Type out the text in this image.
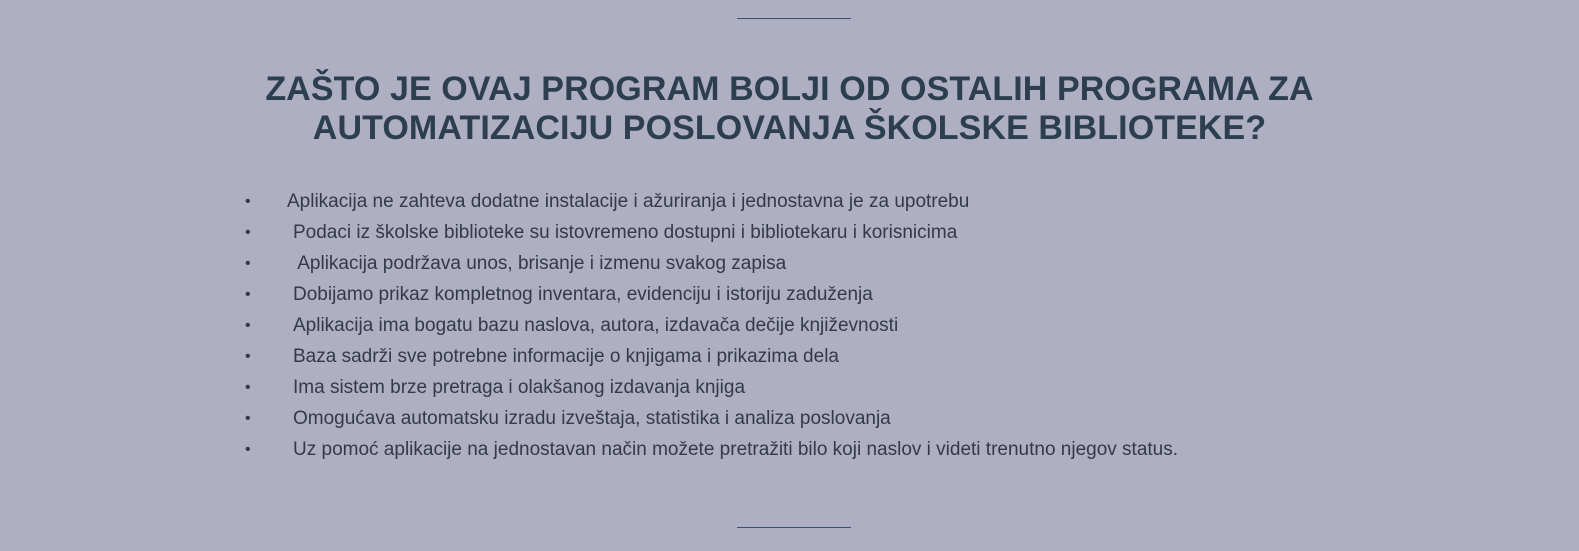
ZAŠTO JE OVAJ PROGRAM BOLJI OD OSTALIH PROGRAMA ZA
AUTOMATIZACIJU POSLOVANJA ŠKOLSKE BIBLIOTEKE?
• Aplikacija ne zahteva dodatne instalacije i ažuriranja i jednostavna je za upotrebu
• Podaci iz školske biblioteke su istovremeno dostupni i bibliotekaru i korisnicima
• Aplikacija podržava unos, brisanje i izmenu svakog zapisa
• Dobijamo prikaz kompletnog inventara, evidenciju i istoriju zaduženja
• Aplikacija ima bogatu bazu naslova, autora, izdavača dečije književnosti
• Baza sadrži sve potrebne informacije o knjigama i prikazima dela
• Ima sistem brze pretraga i olakšanog izdavanja knjiga
• Omogućava automatsku izradu izveštaja, statistika i analiza poslovanja
• Uz pomoć aplikacije na jednostavan način možete pretražiti bilo koji naslov i videti trenutno njegov status.
